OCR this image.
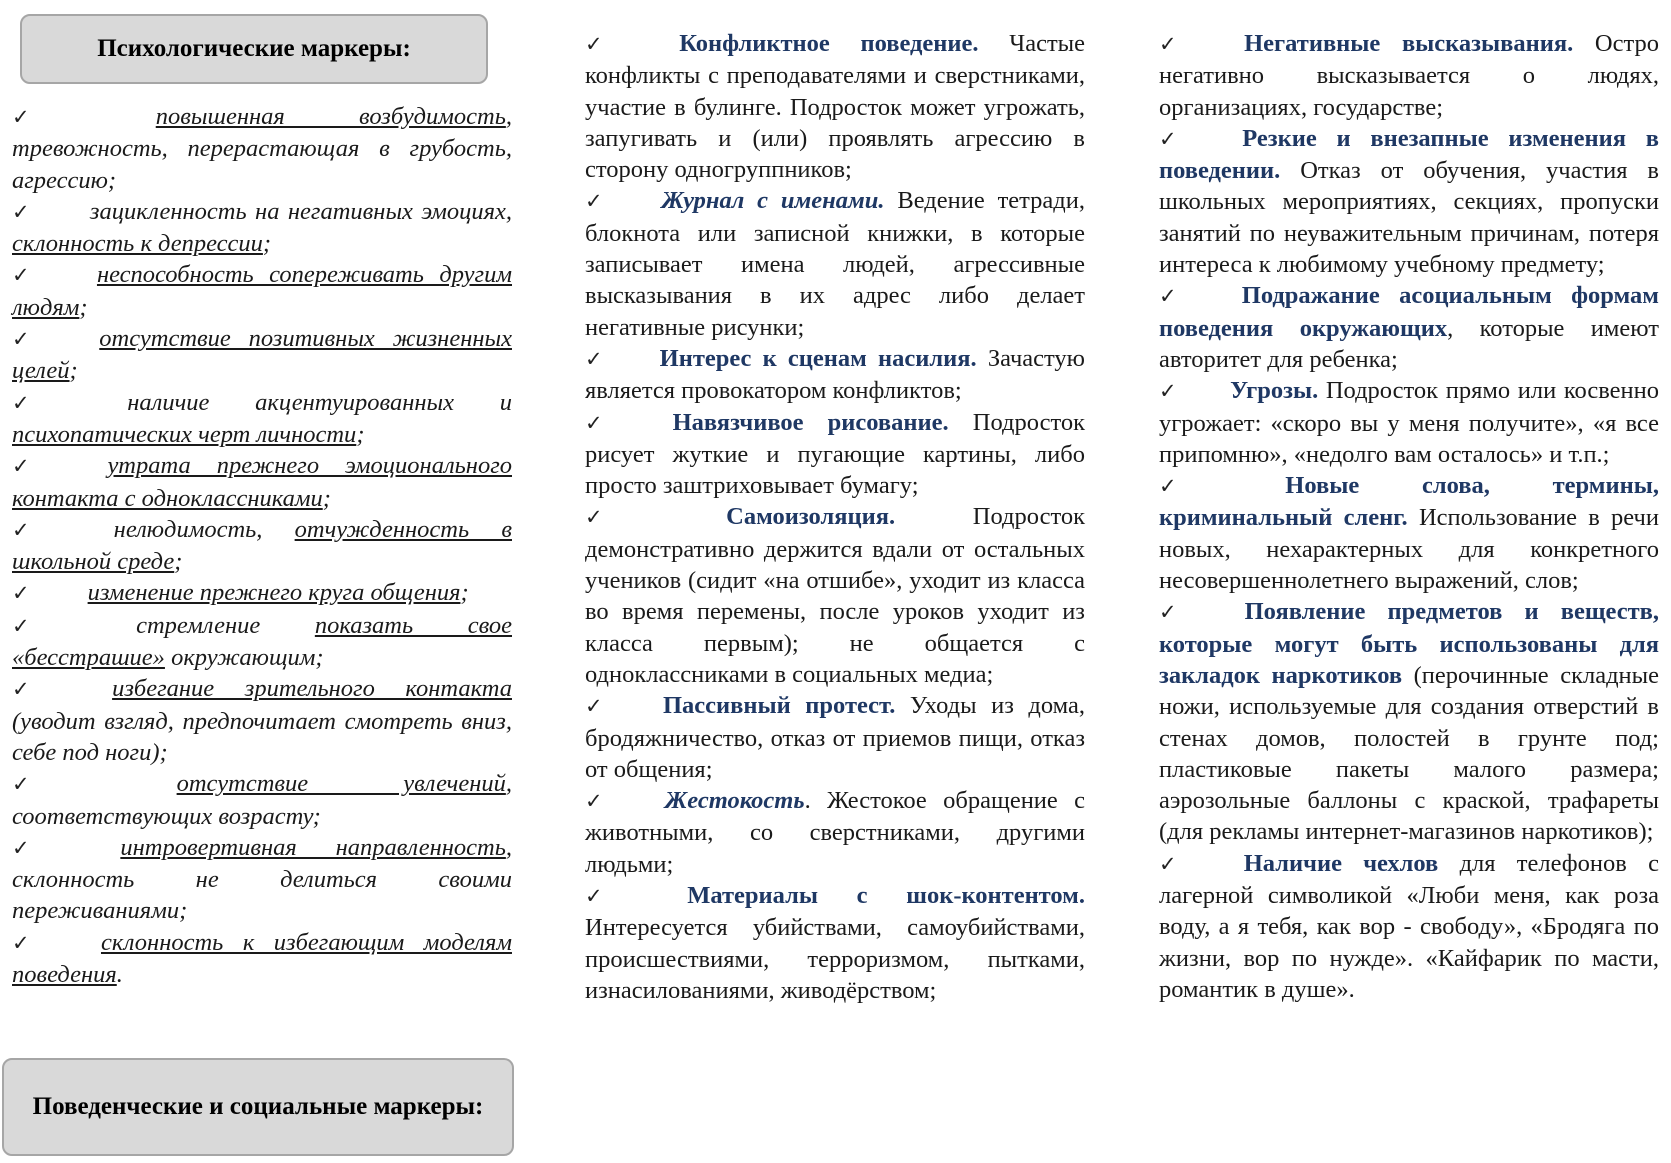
Психологические маркеры:

✓ повышенная возбудимость, тревожность, перерастающая в грубость, агрессию;

✓ зацикленность на негативных эмоциях, склонность к депрессии;

✓ неспособность сопереживать другим людям;

✓ отсутствие позитивных жизненных целей;

✓ наличие акцентуированных и психопатических черт личности;

✓ утрата прежнего эмоционального контакта с одноклассниками;

✓ нелюдимость, отчужденность в школьной среде;

✓ изменение прежнего круга общения;

✓ стремление показать свое «бесстрашие» окружающим;

✓ избегание зрительного контакта (уводит взгляд, предпочитает смотреть вниз, себе под ноги);

✓ отсутствие увлечений, соответствующих возрасту;

✓ интровертивная направленность, склонность не делиться своими переживаниями;

✓ склонность к избегающим моделям поведения.

Поведенческие и социальные маркеры:

✓ Конфликтное поведение. Частые конфликты с преподавателями и сверстниками, участие в булинге. Подросток может угрожать, запугивать и (или) проявлять агрессию в сторону одногруппников;

✓ Журнал с именами. Ведение тетради, блокнота или записной книжки, в которые записывает имена людей, агрессивные высказывания в их адрес либо делает негативные рисунки;

✓ Интерес к сценам насилия. Зачастую является провокатором конфликтов;

✓ Навязчивое рисование. Подросток рисует жуткие и пугающие картины, либо просто заштриховывает бумагу;

✓ Самоизоляция. Подросток демонстративно держится вдали от остальных учеников (сидит «на отшибе», уходит из класса во время перемены, после уроков уходит из класса первым); не общается с одноклассниками в социальных медиа;

✓ Пассивный протест. Уходы из дома, бродяжничество, отказ от приемов пищи, отказ от общения;

✓ Жестокость. Жестокое обращение с животными, со сверстниками, другими людьми;

✓ Материалы с шок-контентом. Интересуется убийствами, самоубийствами, происшествиями, терроризмом, пытками, изнасилованиями, живодёрством;

✓ Негативные высказывания. Остро негативно высказывается о людях, организациях, государстве;

✓ Резкие и внезапные изменения в поведении. Отказ от обучения, участия в школьных мероприятиях, секциях, пропуски занятий по неуважительным причинам, потеря интереса к любимому учебному предмету;

✓ Подражание асоциальным формам поведения окружающих, которые имеют авторитет для ребенка;

✓ Угрозы. Подросток прямо или косвенно угрожает: «скоро вы у меня получите», «я все припомню», «недолго вам осталось» и т.п.;

✓ Новые слова, термины, криминальный сленг. Использование в речи новых, нехарактерных для конкретного несовершеннолетнего выражений, слов;

✓ Появление предметов и веществ, которые могут быть использованы для закладок наркотиков (перочинные складные ножи, используемые для создания отверстий в стенах домов, полостей в грунте под; пластиковые пакеты малого размера; аэрозольные баллоны с краской, трафареты (для рекламы интернет-магазинов наркотиков);

✓ Наличие чехлов для телефонов с лагерной символикой «Люби меня, как роза воду, а я тебя, как вор - свободу», «Бродяга по жизни, вор по нужде». «Кайфарик по масти, романтик в душе».
